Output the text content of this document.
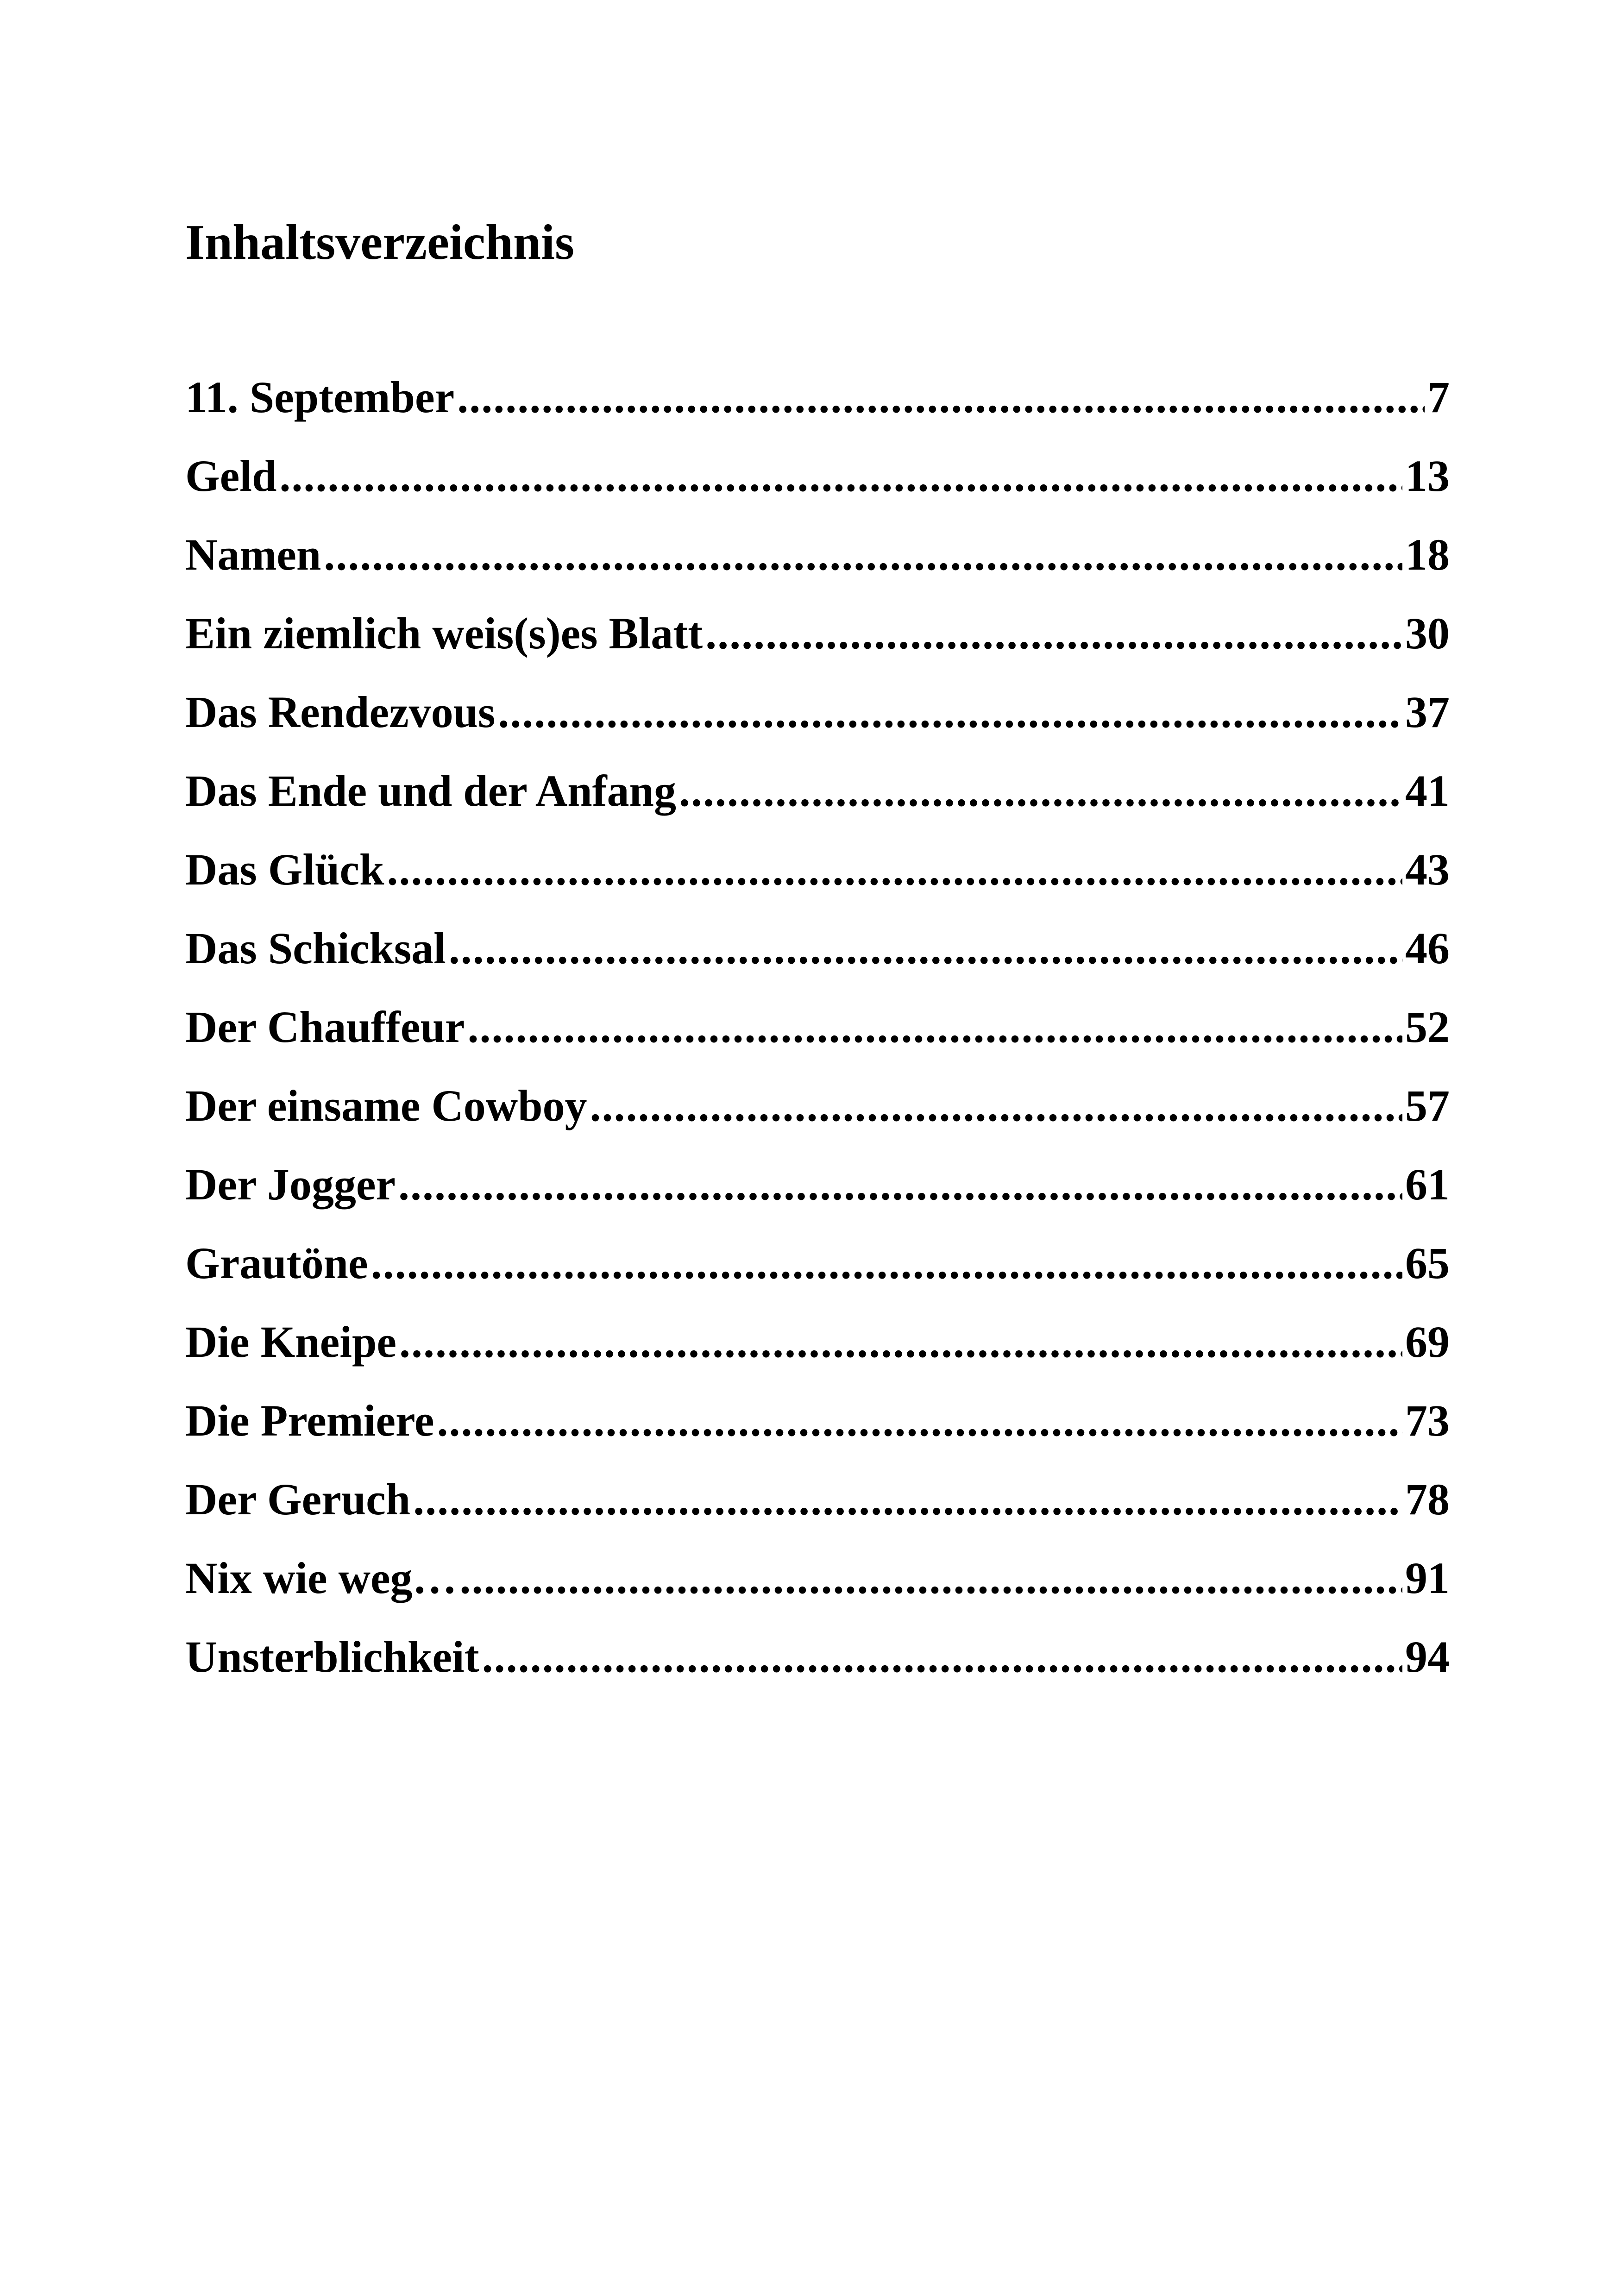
Inhaltsverzeichnis
11. September .....	7
Geld .....	13
Namen .....	18
Ein ziemlich weis(s)es Blatt .....	30
Das Rendezvous .....	37
Das Ende und der Anfang .....	41
Das Glück .....	43
Das Schicksal .....	46
Der Chauffeur .....	52
Der einsame Cowboy .....	57
Der Jogger .....	61
Grautöne .....	65
Die Kneipe .....	69
Die Premiere .....	73
Der Geruch .....	78
Nix wie weg… .....	91
Unsterblichkeit .....	94
